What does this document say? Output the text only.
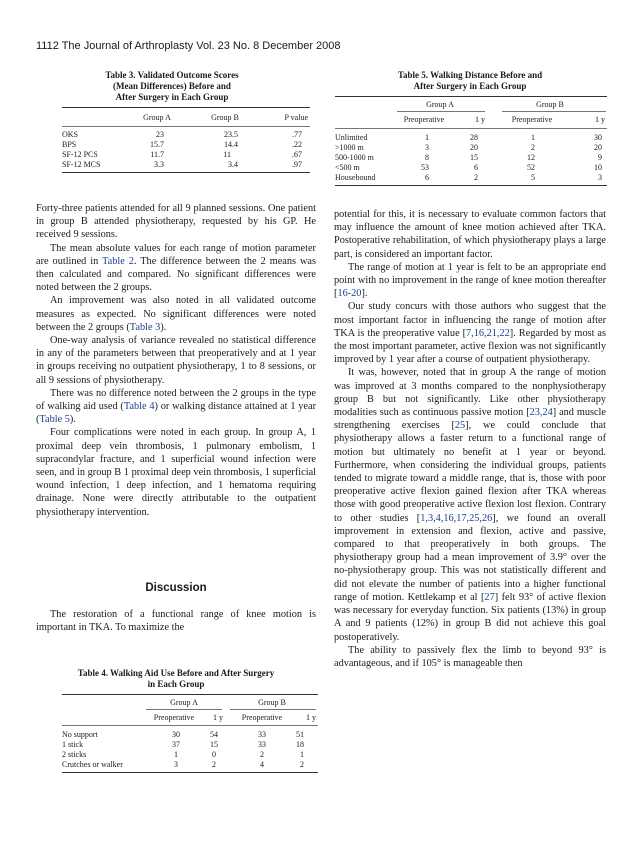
1112 The Journal of Arthroplasty Vol. 23 No. 8 December 2008
Table 3. Validated Outcome Scores
(Mean Differences) Before and
After Surgery in Each Group
Group A	Group B	P value
OKS	23	23.5	.77
BPS	15.7	14.4	.22
SF-12 PCS	11.7	11	.67
SF-12 MCS	3.3	3.4	.97
Table 5. Walking Distance Before and
After Surgery in Each Group
Group A	Group B
Preoperative	1 y	Preoperative	1 y
Unlimited	1	28	1	30
>1000 m	3	20	2	20
500-1000 m	8	15	12	9
<500 m	53	6	52	10
Housebound	6	2	5	3

Forty-three patients attended for all 9 planned sessions. One patient in group B attended physiotherapy, requested by his GP. He received 9 sessions.

The mean absolute values for each range of motion parameter are outlined in Table 2. The difference between the 2 means was then calculated and compared. No significant differences were noted between the 2 groups.

An improvement was also noted in all validated outcome measures as expected. No significant differences were noted between the 2 groups (Table 3).

One-way analysis of variance revealed no statistical difference in any of the parameters between that preoperatively and at 1 year in groups receiving no outpatient physiotherapy, 1 to 8 sessions, or all 9 sessions of physiotherapy.

There was no difference noted between the 2 groups in the type of walking aid used (Table 4) or walking distance attained at 1 year (Table 5).

Four complications were noted in each group. In group A, 1 proximal deep vein thrombosis, 1 pulmonary embolism, 1 supracondylar fracture, and 1 superficial wound infection were seen, and in group B 1 proximal deep vein thrombosis, 1 superficial wound infection, 1 deep infection, and 1 hematoma requiring drainage. None were directly attributable to the outpatient physiotherapy intervention.

Discussion

The restoration of a functional range of knee motion is important in TKA. To maximize the

Table 4. Walking Aid Use Before and After Surgery
in Each Group
Group A	Group B
Preoperative	1 y	Preoperative	1 y
No support	30	54	33	51
1 stick	37	15	33	18
2 sticks	1	0	2	1
Crutches or walker	3	2	4	2

potential for this, it is necessary to evaluate common factors that may influence the amount of knee motion achieved after TKA. Postoperative rehabilitation, of which physiotherapy plays a large part, is considered an important factor.

The range of motion at 1 year is felt to be an appropriate end point with no improvement in the range of knee motion thereafter [16-20].

Our study concurs with those authors who suggest that the most important factor in influencing the range of motion after TKA is the preoperative value [7,16,21,22]. Regarded by most as the most important parameter, active flexion was not significantly improved by 1 year after a course of outpatient physiotherapy.

It was, however, noted that in group A the range of motion was improved at 3 months compared to the nonphysiotherapy group B but not significantly. Like other physiotherapy modalities such as continuous passive motion [23,24] and muscle strengthening exercises [25], we could conclude that physiotherapy allows a faster return to a functional range of motion but ultimately no benefit at 1 year or beyond. Furthermore, when considering the individual groups, patients tended to migrate toward a middle range, that is, those with poor preoperative active flexion gained flexion after TKA whereas those with good preoperative active flexion lost flexion. Contrary to other studies [1,3,4,16,17,25,26], we found an overall improvement in extension and flexion, active and passive, compared to that preoperatively in both groups. The physiotherapy group had a mean improvement of 3.9° over the no-physiotherapy group. This was not statistically different and did not elevate the number of patients into a higher functional range of motion. Kettlekamp et al [27] felt 93° of active flexion was necessary for everyday function. Six patients (13%) in group A and 9 patients (12%) in group B did not achieve this goal postoperatively.

The ability to passively flex the limb to beyond 93° is advantageous, and if 105° is manageable then
